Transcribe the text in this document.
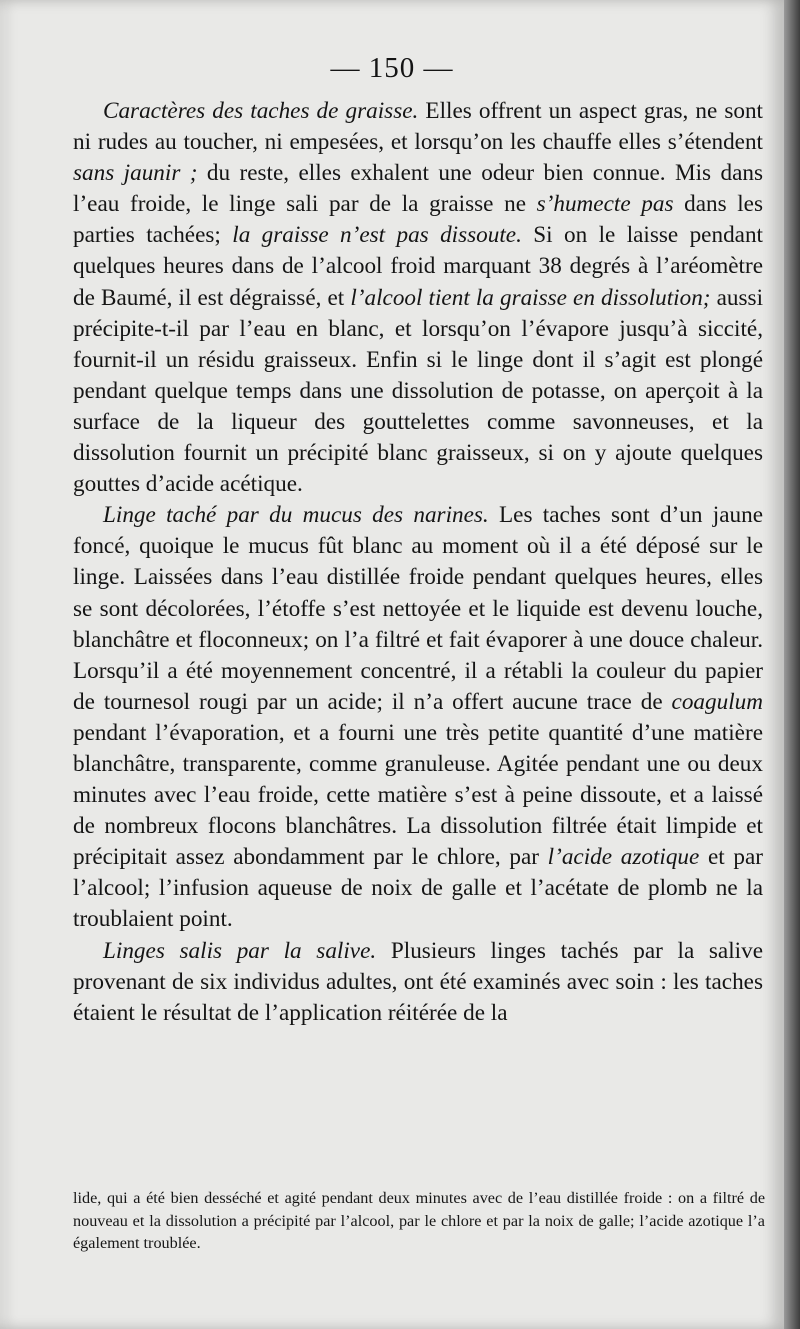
— 150 —

Caractères des taches de graisse. Elles offrent un aspect gras, ne sont ni rudes au toucher, ni empesées, et lorsqu’on les chauffe elles s’étendent sans jaunir ; du reste, elles exhalent une odeur bien connue. Mis dans l’eau froide, le linge sali par de la graisse ne s’humecte pas dans les parties tachées; la graisse n’est pas dissoute. Si on le laisse pendant quelques heures dans de l’alcool froid marquant 38 degrés à l’aréomètre de Baumé, il est dégraissé, et l’alcool tient la graisse en dissolution; aussi précipite-t-il par l’eau en blanc, et lorsqu’on l’évapore jusqu’à siccité, fournit-il un résidu graisseux. Enfin si le linge dont il s’agit est plongé pendant quelque temps dans une dissolution de potasse, on aperçoit à la surface de la liqueur des gouttelettes comme savonneuses, et la dissolution fournit un précipité blanc graisseux, si on y ajoute quelques gouttes d’acide acétique.

Linge taché par du mucus des narines. Les taches sont d’un jaune foncé, quoique le mucus fût blanc au moment où il a été déposé sur le linge. Laissées dans l’eau distillée froide pendant quelques heures, elles se sont décolorées, l’étoffe s’est nettoyée et le liquide est devenu louche, blanchâtre et floconneux; on l’a filtré et fait évaporer à une douce chaleur. Lorsqu’il a été moyennement concentré, il a rétabli la couleur du papier de tournesol rougi par un acide; il n’a offert aucune trace de coagulum pendant l’évaporation, et a fourni une très petite quantité d’une matière blanchâtre, transparente, comme granuleuse. Agitée pendant une ou deux minutes avec l’eau froide, cette matière s’est à peine dissoute, et a laissé de nombreux flocons blanchâtres. La dissolution filtrée était limpide et précipitait assez abondamment par le chlore, par l’acide azotique et par l’alcool; l’infusion aqueuse de noix de galle et l’acétate de plomb ne la troublaient point.

Linges salis par la salive. Plusieurs linges tachés par la salive provenant de six individus adultes, ont été examinés avec soin : les taches étaient le résultat de l’application réitérée de la

lide, qui a été bien desséché et agité pendant deux minutes avec de l’eau distillée froide : on a filtré de nouveau et la dissolution a précipité par l’alcool, par le chlore et par la noix de galle; l’acide azotique l’a également troublée.
